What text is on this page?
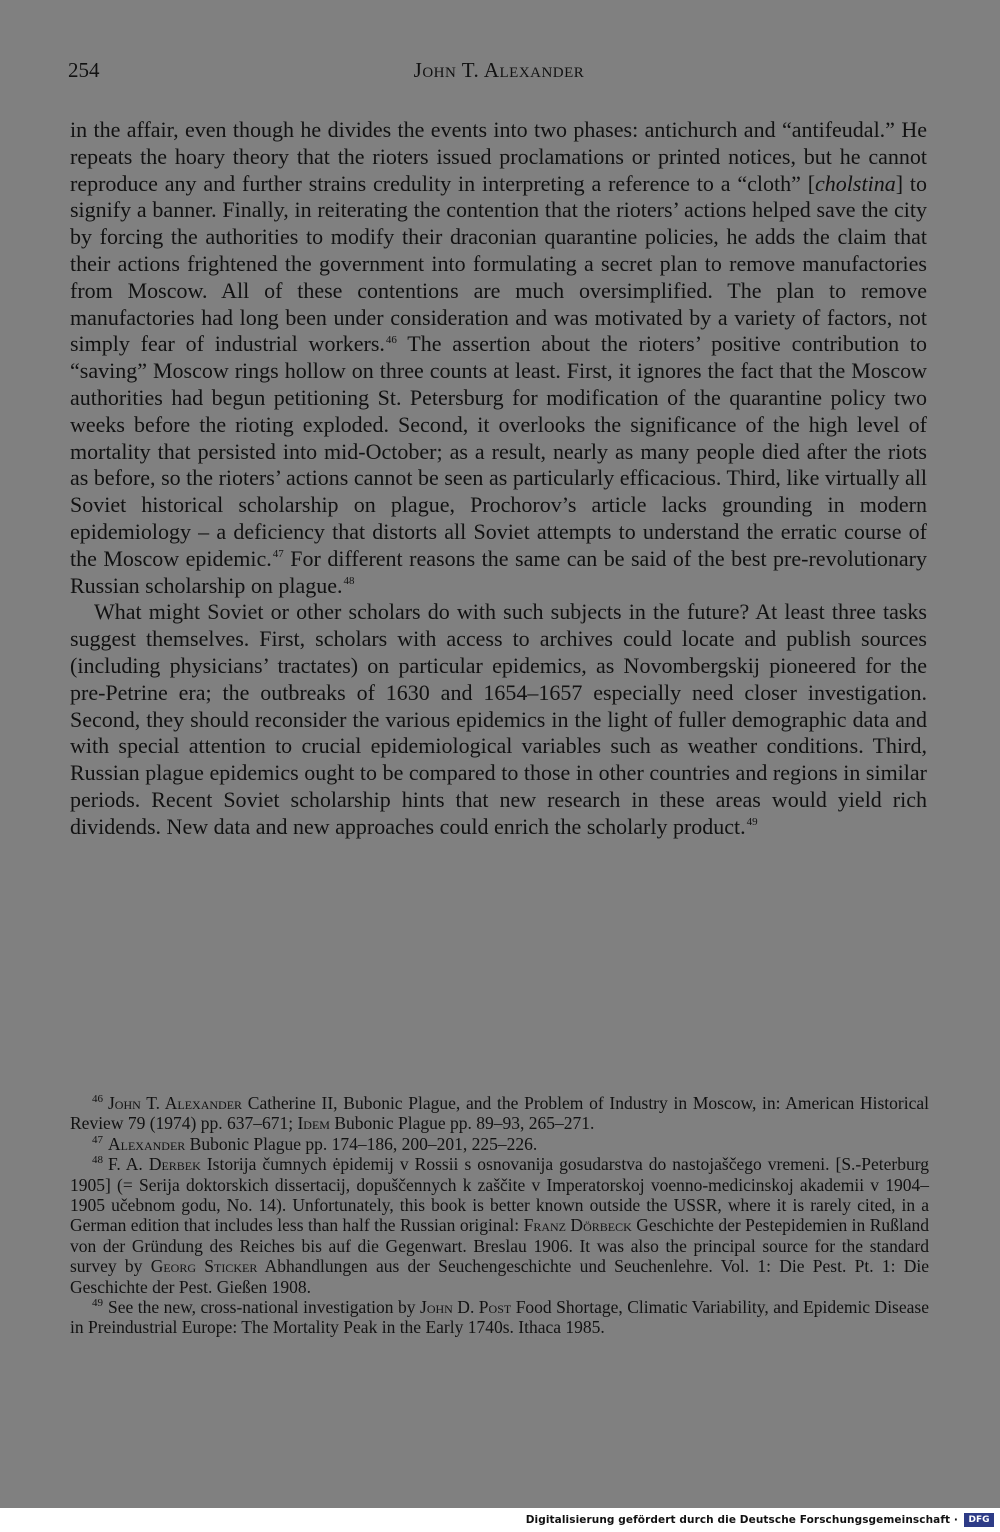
254	John T. Alexander

in the affair, even though he divides the events into two phases: antichurch and “antifeudal.” He repeats the hoary theory that the rioters issued proclamations or printed notices, but he cannot reproduce any and further strains credulity in interpreting a reference to a “cloth” [cholstina] to signify a banner. Finally, in reiterating the contention that the rioters’ actions helped save the city by forcing the authorities to modify their draconian quarantine policies, he adds the claim that their actions frightened the government into formulating a secret plan to remove manufactories from Moscow. All of these contentions are much oversimplified. The plan to remove manufactories had long been under consideration and was motivated by a variety of factors, not simply fear of industrial workers.$^{46}$ The assertion about the rioters’ positive contribution to “saving” Moscow rings hollow on three counts at least. First, it ignores the fact that the Moscow authorities had begun petitioning St. Petersburg for modification of the quarantine policy two weeks before the rioting exploded. Second, it overlooks the significance of the high level of mortality that persisted into mid-October; as a result, nearly as many people died after the riots as before, so the rioters’ actions cannot be seen as particularly efficacious. Third, like virtually all Soviet historical scholarship on plague, Prochorov’s article lacks grounding in modern epidemiology – a deficiency that distorts all Soviet attempts to understand the erratic course of the Moscow epidemic.$^{47}$ For different reasons the same can be said of the best pre-revolutionary Russian scholarship on plague.$^{48}$

What might Soviet or other scholars do with such subjects in the future? At least three tasks suggest themselves. First, scholars with access to archives could locate and publish sources (including physicians’ tractates) on particular epidemics, as Novombergskij pioneered for the pre-Petrine era; the outbreaks of 1630 and 1654–1657 especially need closer investigation. Second, they should reconsider the various epidemics in the light of fuller demographic data and with special attention to crucial epidemiological variables such as weather conditions. Third, Russian plague epidemics ought to be compared to those in other countries and regions in similar periods. Recent Soviet scholarship hints that new research in these areas would yield rich dividends. New data and new approaches could enrich the scholarly product.$^{49}$

$^{46}$ John T. Alexander Catherine II, Bubonic Plague, and the Problem of Industry in Moscow, in: American Historical Review 79 (1974) pp. 637–671; Idem Bubonic Plague pp. 89–93, 265–271.

$^{47}$ Alexander Bubonic Plague pp. 174–186, 200–201, 225–226.

$^{48}$ F. A. Derbek Istorija čumnych ėpidemij v Rossii s osnovanija gosudarstva do nastojaščego vremeni. [S.-Peterburg 1905] (= Serija doktorskich dissertacij, dopuščennych k zaščite v Imperatorskoj voenno-medicinskoj akademii v 1904–1905 učebnom godu, No. 14). Unfortunately, this book is better known outside the USSR, where it is rarely cited, in a German edition that includes less than half the Russian original: Franz Dörbeck Geschichte der Pestepidemien in Rußland von der Gründung des Reiches bis auf die Gegenwart. Breslau 1906. It was also the principal source for the standard survey by Georg Sticker Abhandlungen aus der Seuchengeschichte und Seuchenlehre. Vol. 1: Die Pest. Pt. 1: Die Geschichte der Pest. Gießen 1908.

$^{49}$ See the new, cross-national investigation by John D. Post Food Shortage, Climatic Variability, and Epidemic Disease in Preindustrial Europe: The Mortality Peak in the Early 1740s. Ithaca 1985.

Digitalisierung gefördert durch die Deutsche Forschungsgemeinschaft ·	DFG
